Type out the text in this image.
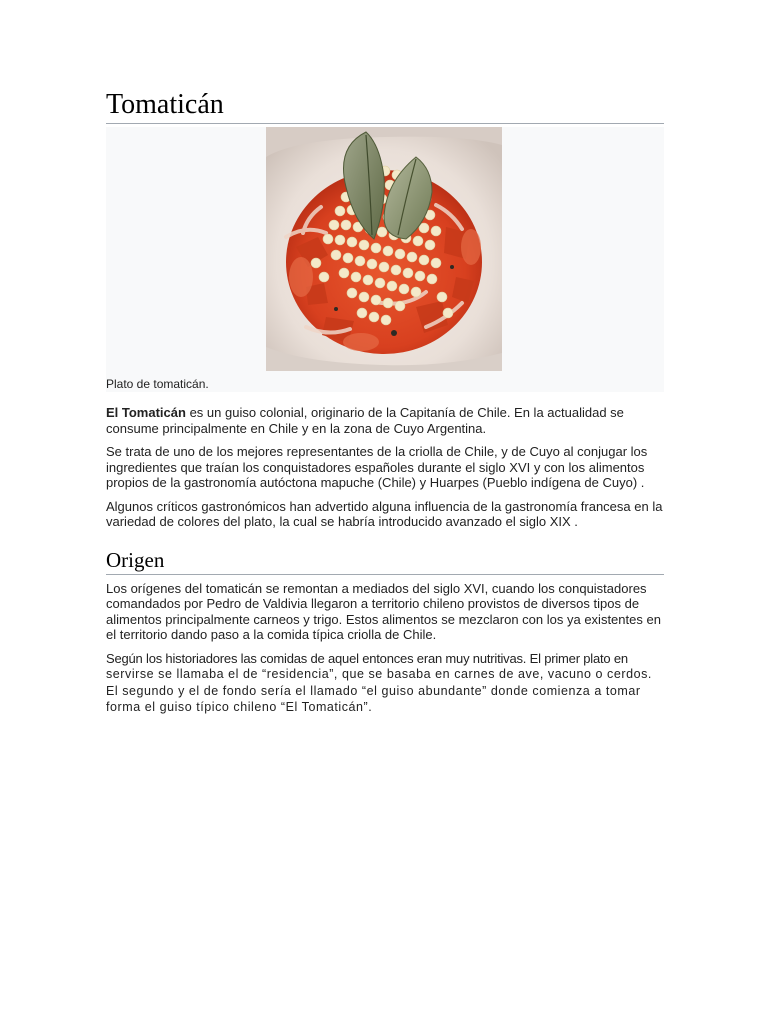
Tomaticán
Plato de tomaticán.

El Tomaticán es un guiso colonial, originario de la Capitanía de Chile. En la actualidad se consume principalmente en Chile y en la zona de Cuyo Argentina.

Se trata de uno de los mejores representantes de la criolla de Chile, y de Cuyo al conjugar los ingredientes que traían los conquistadores españoles durante el siglo XVI y con los alimentos propios de la gastronomía autóctona mapuche (Chile) y Huarpes (Pueblo indígena de Cuyo) .

Algunos críticos gastronómicos han advertido alguna influencia de la gastronomía francesa en la variedad de colores del plato, la cual se habría introducido avanzado el siglo XIX .

Origen

Los orígenes del tomaticán se remontan a mediados del siglo XVI, cuando los conquistadores comandados por Pedro de Valdivia llegaron a territorio chileno provistos de diversos tipos de alimentos principalmente carneos y trigo. Estos alimentos se mezclaron con los ya existentes en el territorio dando paso a la comida típica criolla de Chile.

Según los historiadores las comidas de aquel entonces eran muy nutritivas. El primer plato en servirse se llamaba el de “residencia”, que se basaba en carnes de ave, vacuno o cerdos. El segundo y el de fondo sería el llamado “el guiso abundante” donde comienza a tomar forma el guiso típico chileno “El Tomaticán”.
